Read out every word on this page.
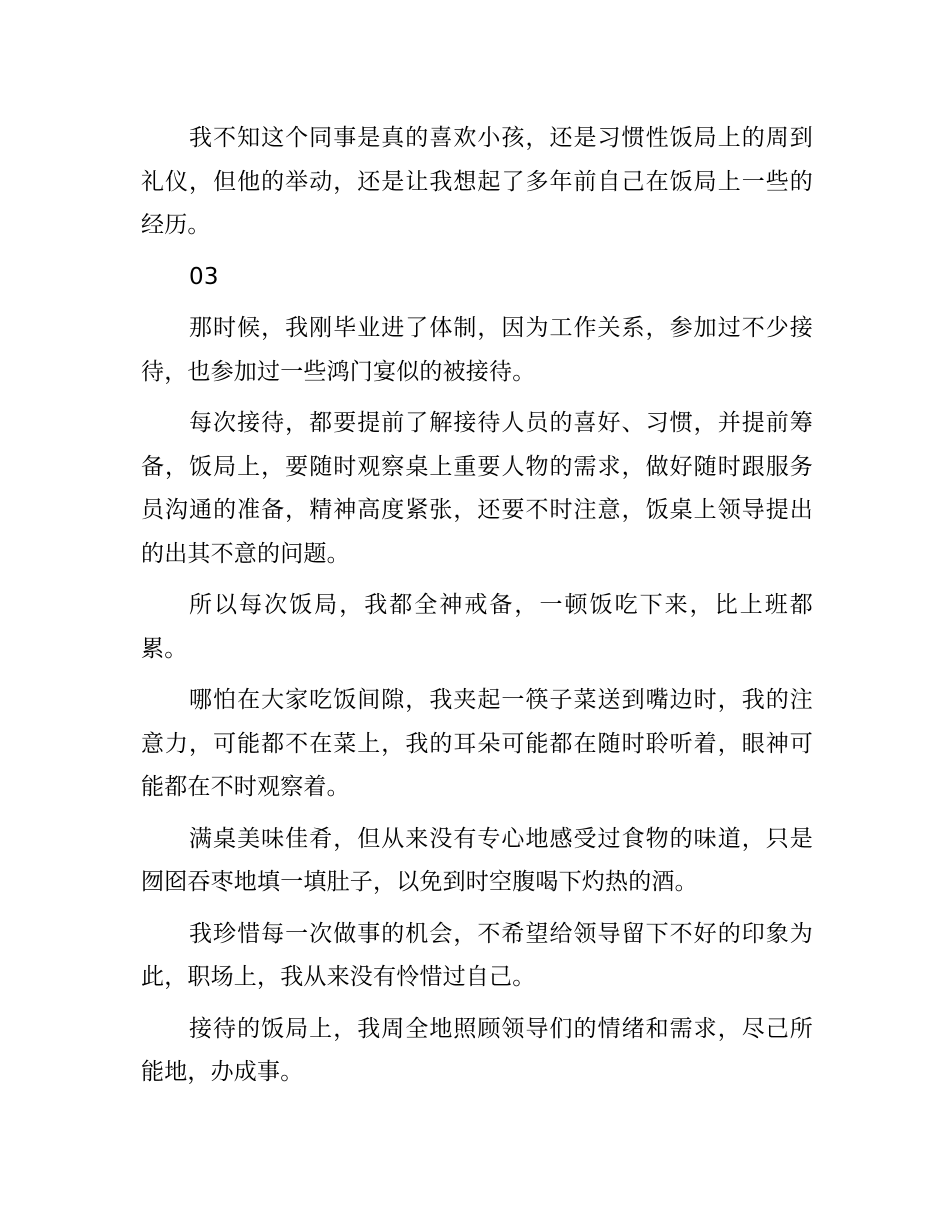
我不知这个同事是真的喜欢小孩，还是习惯性饭局上的周到礼仪，但他的举动，还是让我想起了多年前自己在饭局上一些的经历。

03

那时候，我刚毕业进了体制，因为工作关系，参加过不少接待，也参加过一些鸿门宴似的被接待。

每次接待，都要提前了解接待人员的喜好、习惯，并提前筹备，饭局上，要随时观察桌上重要人物的需求，做好随时跟服务员沟通的准备，精神高度紧张，还要不时注意，饭桌上领导提出的出其不意的问题。

所以每次饭局，我都全神戒备，一顿饭吃下来，比上班都累。

哪怕在大家吃饭间隙，我夹起一筷子菜送到嘴边时，我的注意力，可能都不在菜上，我的耳朵可能都在随时聆听着，眼神可能都在不时观察着。

满桌美味佳肴，但从来没有专心地感受过食物的味道，只是囫囵吞枣地填一填肚子，以免到时空腹喝下灼热的酒。

我珍惜每一次做事的机会，不希望给领导留下不好的印象为此，职场上，我从来没有怜惜过自己。

接待的饭局上，我周全地照顾领导们的情绪和需求，尽己所能地，办成事。
